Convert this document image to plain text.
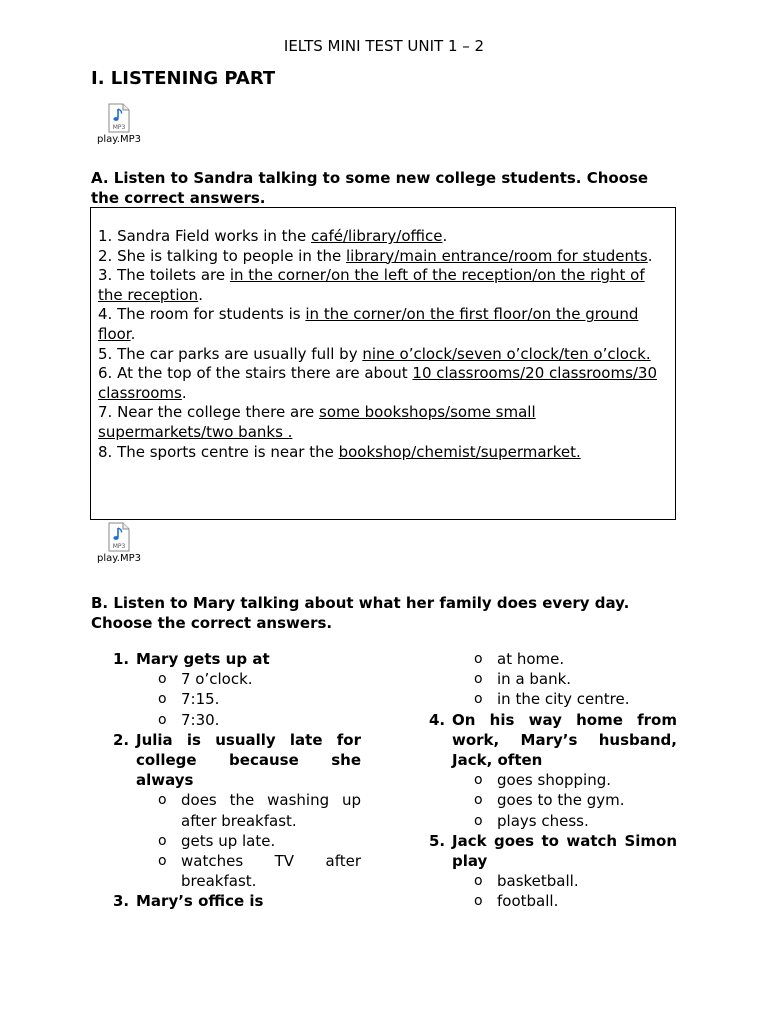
IELTS MINI TEST UNIT 1 – 2
I. LISTENING PART
MP3
play.MP3
A. Listen to Sandra talking to some new college students. Choose the correct answers.
1. Sandra Field works in the café/library/office.
2. She is talking to people in the library/main entrance/room for students.
3. The toilets are in the corner/on the left of the reception/on the right of the reception.
4. The room for students is in the corner/on the first floor/on the ground floor.
5. The car parks are usually full by nine o’clock/seven o’clock/ten o’clock.
6. At the top of the stairs there are about 10 classrooms/20 classrooms/30 classrooms.
7. Near the college there are some bookshops/some small supermarkets/two banks .
8. The sports centre is near the bookshop/chemist/supermarket.
MP3
play.MP3
B. Listen to Mary talking about what her family does every day. Choose the correct answers.
1. Mary gets up at
o 7 o’clock.
o 7:15.
o 7:30.
2. Julia is usually late for college because she always
o does the washing up after breakfast.
o gets up late.
o watches TV after breakfast.
3. Mary’s office is
o at home.
o in a bank.
o in the city centre.
4. On his way home from work, Mary’s husband, Jack, often
o goes shopping.
o goes to the gym.
o plays chess.
5. Jack goes to watch Simon play
o basketball.
o football.
